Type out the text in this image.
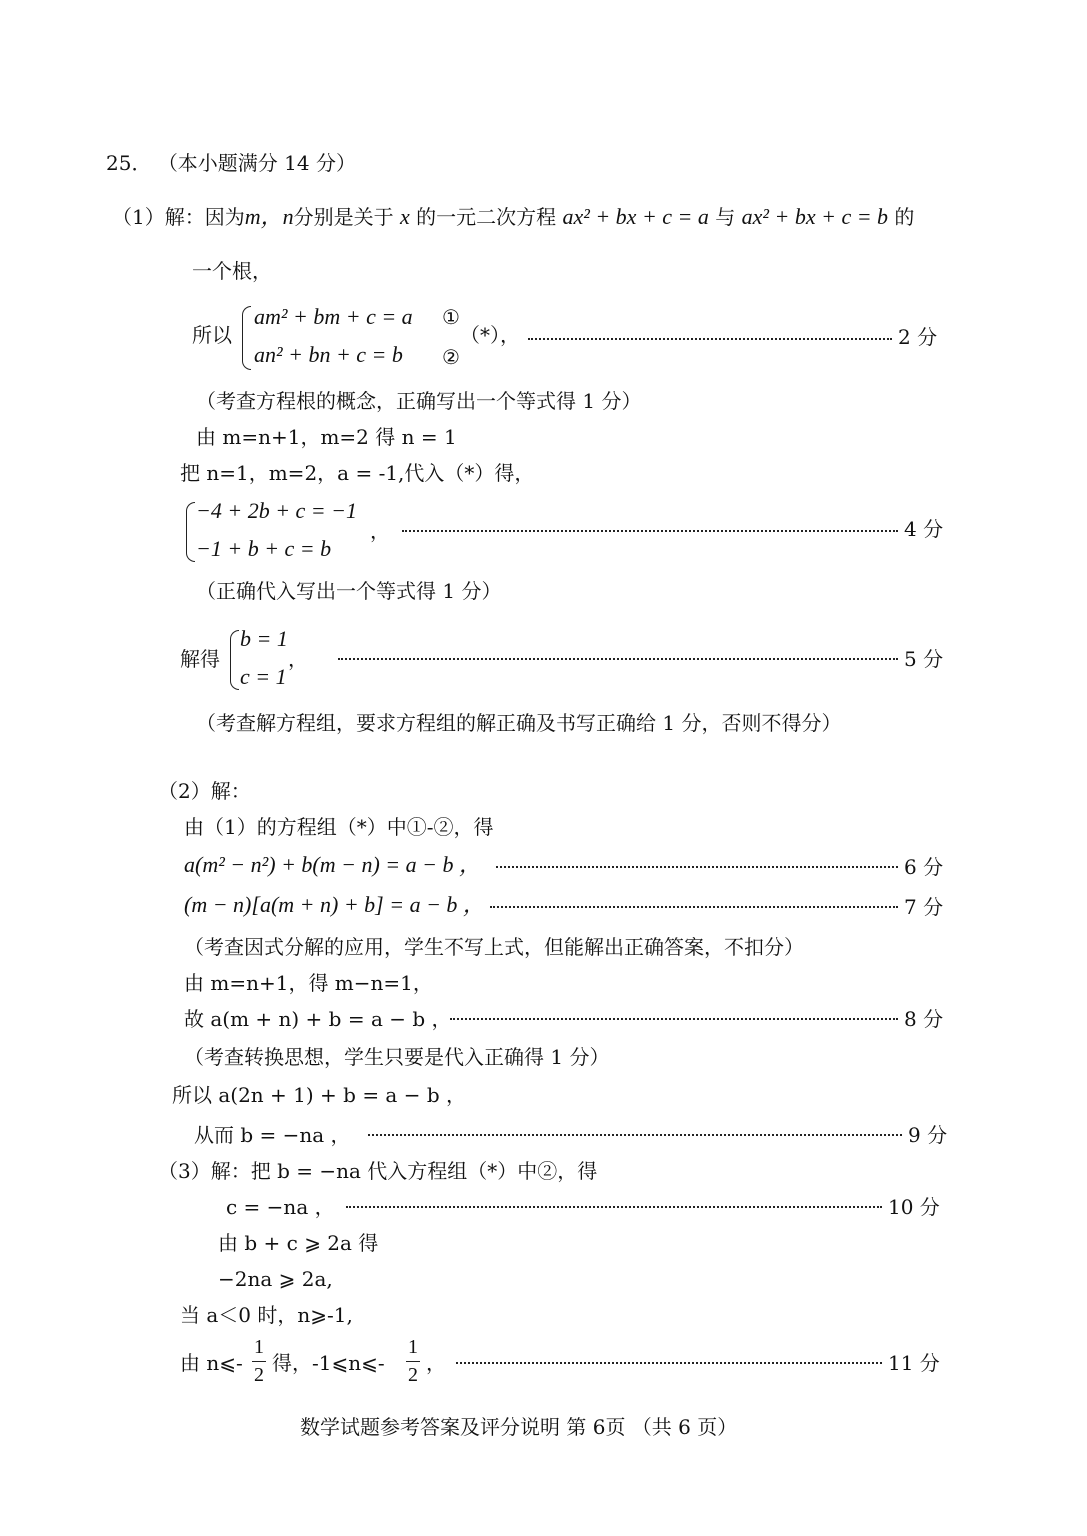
25． （本小题满分 14 分）
（1）解：因为m，n分别是关于 x 的一元二次方程 ax² + bx + c = a 与 ax² + bx + c = b 的
一个根，
所以
am² + bm + c = a ①
an² + bn + c = b ②
（*），	2 分
（考查方程根的概念，正确写出一个等式得 1 分）
由 m=n+1，m=2 得 n = 1
把 n=1，m=2，a = -1,代入（*）得，
−4 + 2b + c = −1
−1 + b + c = b
，	4 分
（正确代入写出一个等式得 1 分）
解得
b = 1
c = 1
，	5 分
（考查解方程组，要求方程组的解正确及书写正确给 1 分，否则不得分）
（2）解：
由（1）的方程组（*）中①-②，得
a(m² − n²) + b(m − n) = a − b ，	6 分
(m − n)[a(m + n) + b] = a − b ，	7 分
（考查因式分解的应用，学生不写上式，但能解出正确答案，不扣分）
由 m=n+1，得 m−n=1，
故 a(m + n) + b = a − b ，	8 分
（考查转换思想，学生只要是代入正确得 1 分）
所以 a(2n + 1) + b = a − b ，
从而 b = −na ，	9 分
（3）解：把 b = −na 代入方程组（*）中②，得
c = −na ，	10 分
由 b + c ⩾ 2a 得
−2na ⩾ 2a,
当 a＜0 时，n⩾-1,
由 n⩽-
1
2 得，-1⩽n⩽-
1
2 ，	11 分
数学试题参考答案及评分说明 第 6页 （共 6 页）
